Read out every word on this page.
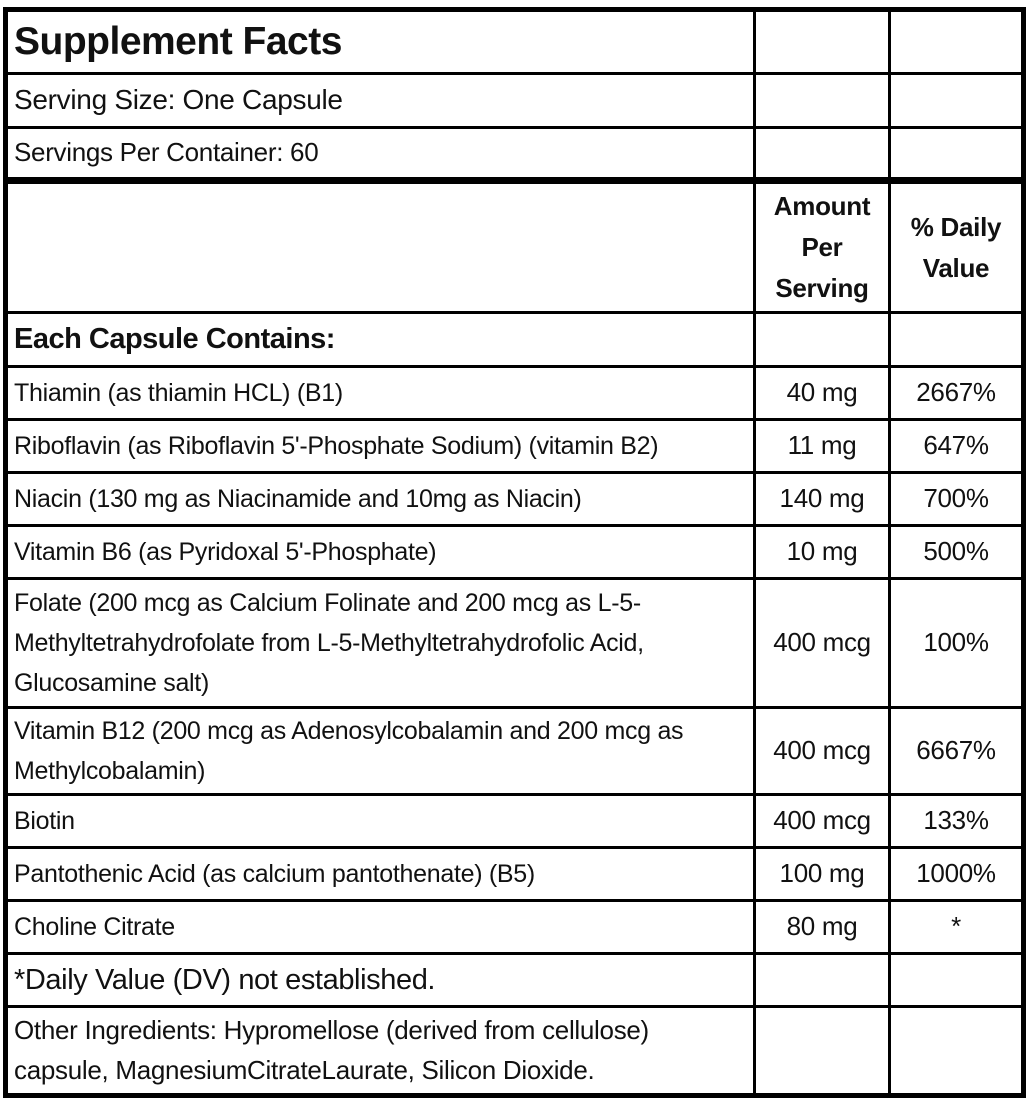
Supplement Facts		
Serving Size: One Capsule		
Servings Per Container: 60		
	Amount Per Serving	% Daily Value
Each Capsule Contains:		
Thiamin (as thiamin HCL) (B1)	40 mg	2667%
Riboflavin (as Riboflavin 5'-Phosphate Sodium) (vitamin B2)	11 mg	647%
Niacin (130 mg as Niacinamide and 10mg as Niacin)	140 mg	700%
Vitamin B6 (as Pyridoxal 5'-Phosphate)	10 mg	500%
Folate (200 mcg as Calcium Folinate and 200 mcg as L-5-Methyltetrahydrofolate from L-5-Methyltetrahydrofolic Acid, Glucosamine salt)	400 mcg	100%
Vitamin B12 (200 mcg as Adenosylcobalamin and 200 mcg as Methylcobalamin)	400 mcg	6667%
Biotin	400 mcg	133%
Pantothenic Acid (as calcium pantothenate) (B5)	100 mg	1000%
Choline Citrate	80 mg	*
*Daily Value (DV) not established.		
Other Ingredients: Hypromellose (derived from cellulose) capsule, MagnesiumCitrateLaurate, Silicon Dioxide.		
